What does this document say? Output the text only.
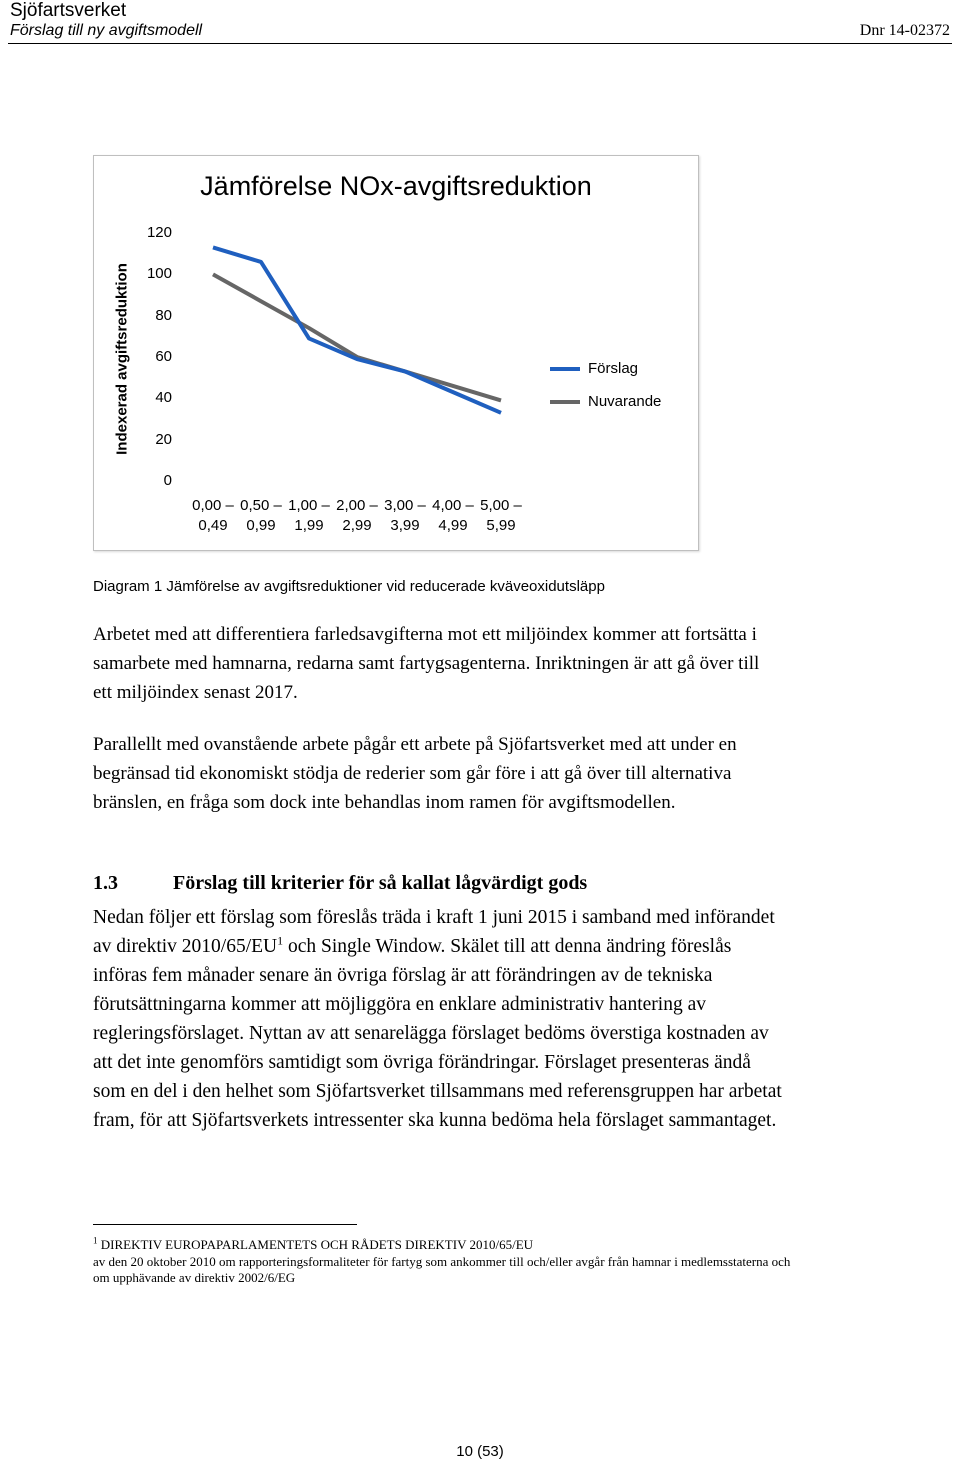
Sjöfartsverket
Förslag till ny avgiftsmodell	Dnr 14-02372
Jämförelse NOx-avgiftsreduktion
Indexerad avgiftsreduktion
0
20
40
60
80
100
120
0,00 –
0,49
0,50 –
0,99
1,00 –
1,99
2,00 –
2,99
3,00 –
3,99
4,00 –
4,99
5,00 –
5,99
Förslag
Nuvarande
Diagram 1 Jämförelse av avgiftsreduktioner vid reducerade kväveoxidutsläpp

Arbetet med att differentiera farledsavgifterna mot ett miljöindex kommer att fortsätta i samarbete med hamnarna, redarna samt fartygsagenterna. Inriktningen är att gå över till ett miljöindex senast 2017.

Parallellt med ovanstående arbete pågår ett arbete på Sjöfartsverket med att under en begränsad tid ekonomiskt stödja de rederier som går före i att gå över till alternativa bränslen, en fråga som dock inte behandlas inom ramen för avgiftsmodellen.

1.3	Förslag till kriterier för så kallat lågvärdigt gods

Nedan följer ett förslag som föreslås träda i kraft 1 juni 2015 i samband med införandet av direktiv $2010/65/EU^1$ och Single Window. Skälet till att denna ändring föreslås införas fem månader senare än övriga förslag är att förändringen av de tekniska förutsättningarna kommer att möjliggöra en enklare administrativ hantering av regleringsförslaget. Nyttan av att senarelägga förslaget bedöms överstiga kostnaden av att det inte genomförs samtidigt som övriga förändringar. Förslaget presenteras ändå som en del i den helhet som Sjöfartsverket tillsammans med referensgruppen har arbetat fram, för att Sjöfartsverkets intressenter ska kunna bedöma hela förslaget sammantaget.

$^1$ DIREKTIV EUROPAPARLAMENTETS OCH RÅDETS DIREKTIV 2010/65/EU
av den 20 oktober 2010 om rapporteringsformaliteter för fartyg som ankommer till och/eller avgår från hamnar i medlemsstaterna och om upphävande av direktiv 2002/6/EG
10 (53)
